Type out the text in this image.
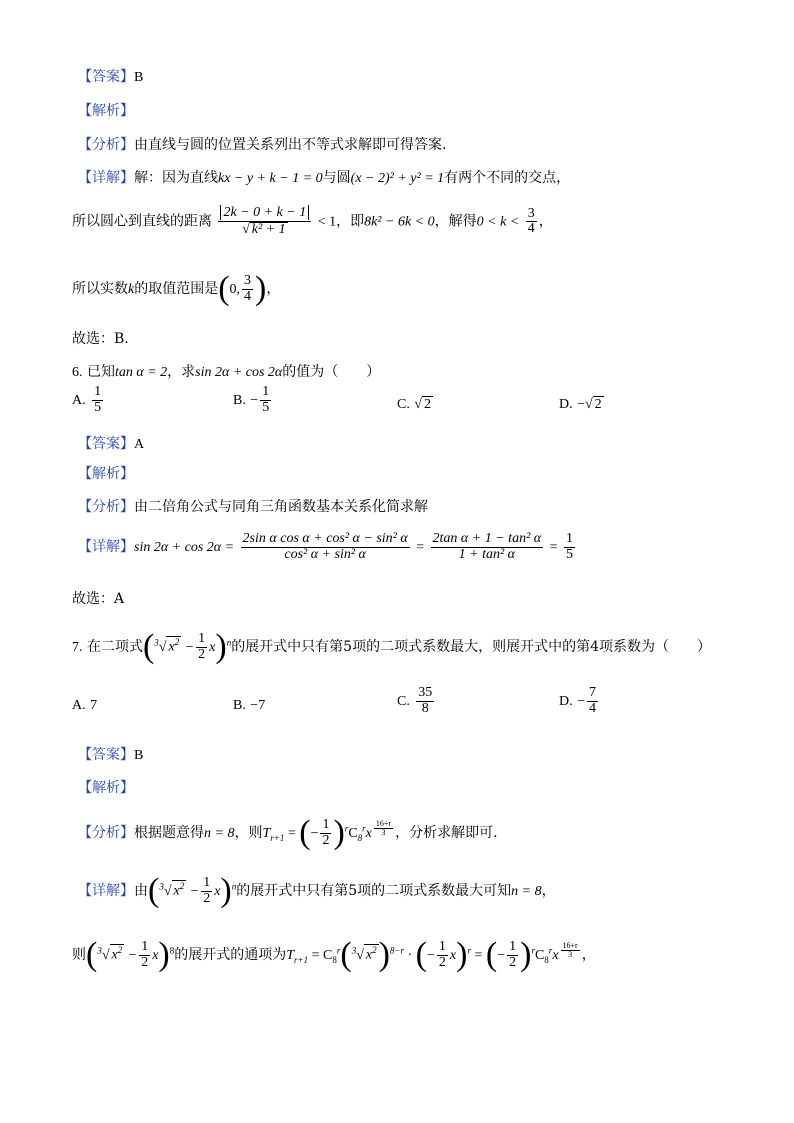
【答案】B
【解析】
【分析】由直线与圆的位置关系列出不等式求解即可得答案.
【详解】解：因为直线kx − y + k − 1 = 0与圆(x − 2)² + y² = 1有两个不同的交点，
所以圆心到直线的距离 $\frac{2k - 0 + k - 1}{\text{√ k² + 1}} < 1$，即8k² − 6k < 0，解得$0 < k < \frac{3}{4}$ ，
所以实数k的取值范围是(0, $\frac{3}{4}$ )，
故选：B.
6. 已知tan α = 2，求sin 2α + cos 2α的值为（　　）
A. $\frac{1}{5}$	B. − $\frac{1}{5}$	C. √ 2	D. −√ 2
【答案】A
【解析】
【分析】由二倍角公式与同角三角函数基本关系化简求解
【详解】$\sin 2\alpha + \cos 2\alpha = \frac{\text{2sin α cos α + cos² α − sin² α}}{\text{cos² α + sin² α}} = \frac{\text{2tan α + 1 − tan² α}}{\text{1 + tan² α}} = \frac{1}{5}$
故选：A
7. 在二项式($^3$√ $x^2 - \frac{1}{2} x)^n$的展开式中只有第5项的二项式系数最大，则展开式中的第4项系数为（　　）
A. 7	B. −7	C. $\frac{35}{8}$	D. − $\frac{7}{4}$
【答案】B
【解析】
【分析】根据题意得n = 8，则$T_{r+1}$ = (− $\frac{1}{2} )^rC_8^rx$ $^{\frac{16+r}{3}}$ ，分析求解即可.
【详解】由($^3$√ $x^2 - \frac{1}{2} x)^n$的展开式中只有第5项的二项式系数最大可知n = 8，
则($^3$√ $x^2 - \frac{1}{2} x)^8$的展开式的通项为$T_{r+1} = C_8^r(^3√$ $x^2)^{8-r}$ · (− $\frac{1}{2} x)^r$ = (− $\frac{1}{2} )^rC_8^rx$ $^{\frac{16+r}{3}}$ ，
